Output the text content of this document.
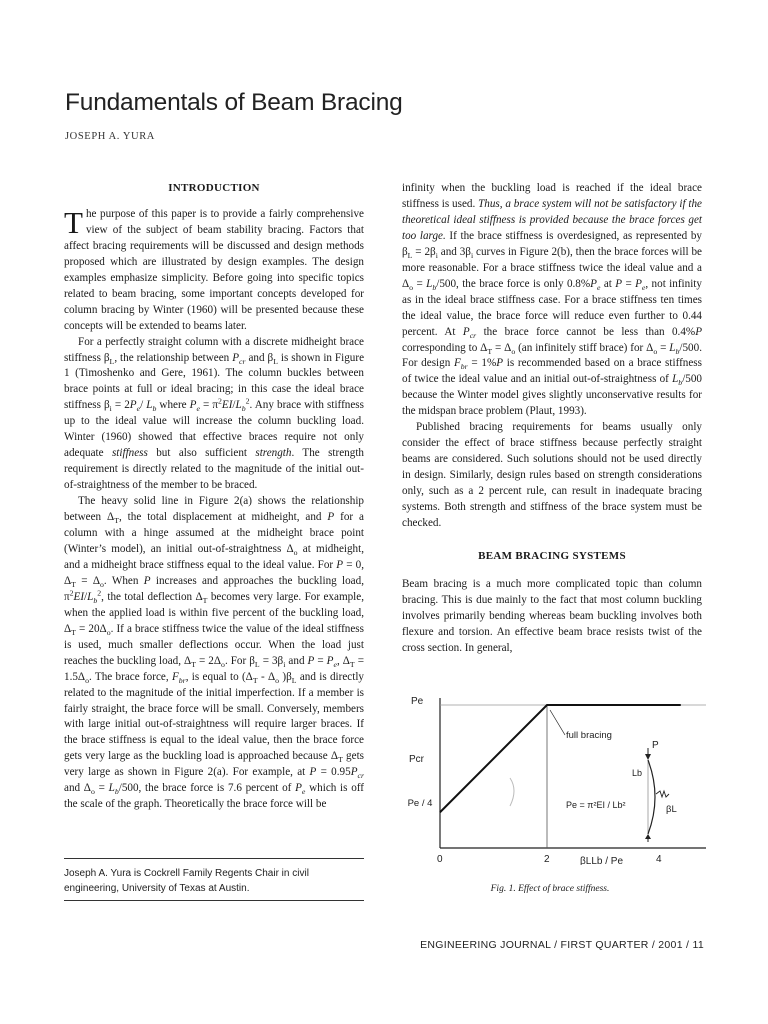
Fundamentals of Beam Bracing
JOSEPH A. YURA
INTRODUCTION

The purpose of this paper is to provide a fairly comprehensive view of the subject of beam stability bracing. Factors that affect bracing requirements will be discussed and design methods proposed which are illustrated by design examples. The design examples emphasize simplicity. Before going into specific topics related to beam bracing, some important concepts developed for column bracing by Winter (1960) will be presented because these concepts will be extended to beams later.

For a perfectly straight column with a discrete midheight brace stiffness $\beta_L$, the relationship between $P_{cr}$ and $\beta_L$ is shown in Figure 1 (Timoshenko and Gere, 1961). The column buckles between brace points at full or ideal bracing; in this case the ideal brace stiffness $\beta_i = 2P_e/$ $L_b$ where $P_e = \pi^2EI/L_b^2$. Any brace with stiffness up to the ideal value will increase the column buckling load. Winter (1960) showed that effective braces require not only adequate stiffness but also sufficient strength. The strength requirement is directly related to the magnitude of the initial out-of-straightness of the member to be braced.

The heavy solid line in Figure 2(a) shows the relationship between $\Delta_T$, the total displacement at midheight, and P for a column with a hinge assumed at the midheight brace point (Winter’s model), an initial out-of-straightness $\Delta_o$ at midheight, and a midheight brace stiffness equal to the ideal value. For P = 0, $\Delta_T = \Delta_o$. When P increases and approaches the buckling load, $\pi^2EI/L_b^2$, the total deflection $\Delta_T$ becomes very large. For example, when the applied load is within five percent of the buckling load, $\Delta_T = 20\Delta_o$. If a brace stiffness twice the value of the ideal stiffness is used, much smaller deflections occur. When the load just reaches the buckling load, $\Delta_T = 2\Delta_o$. For $\beta_L = 3\beta_i$ and $P = P_e$, $\Delta_T = 1.5\Delta_o$. The brace force, $F_{br}$, is equal to ($\Delta_T - \Delta_o$ )$\beta_L$ and is directly related to the magnitude of the initial imperfection. If a member is fairly straight, the brace force will be small. Conversely, members with large initial out-of-straightness will require larger braces. If the brace stiffness is equal to the ideal value, then the brace force gets very large as the buckling load is approached because $\Delta_T$ gets very large as shown in Figure 2(a). For example, at $P = 0.95P_{cr}$ and $\Delta_o = L_b/500$, the brace force is 7.6 percent of $P_e$ which is off the scale of the graph. Theoretically the brace force will be

infinity when the buckling load is reached if the ideal brace stiffness is used. Thus, a brace system will not be satisfactory if the theoretical ideal stiffness is provided because the brace forces get too large. If the brace stiffness is overdesigned, as represented by $\beta_L = 2\beta_i$ and $3\beta_i$ curves in Figure 2(b), then the brace forces will be more reasonable. For a brace stiffness twice the ideal value and a $\Delta_o = L_b/500$, the brace force is only $0.8\%P_e$ at $P = P_e$, not infinity as in the ideal brace stiffness case. For a brace stiffness ten times the ideal value, the brace force will reduce even further to 0.44 percent. At $P_{cr}$ the brace force cannot be less than 0.4%P corresponding to $\Delta_T = \Delta_o$ (an infinitely stiff brace) for $\Delta_o = L_b/500$. For design $F_{br} = 1\%P$ is recommended based on a brace stiffness of twice the ideal value and an initial out-of-straightness of $L_b/500$ because the Winter model gives slightly unconservative results for the midspan brace problem (Plaut, 1993).

Published bracing requirements for beams usually only consider the effect of brace stiffness because perfectly straight beams are considered. Such solutions should not be used directly in design. Similarly, design rules based on strength considerations only, such as a 2 percent rule, can result in inadequate bracing systems. Both strength and stiffness of the brace system must be checked.

BEAM BRACING SYSTEMS

Beam bracing is a much more complicated topic than column bracing. This is due mainly to the fact that most column buckling involves primarily bending whereas beam buckling involves both flexure and torsion. An effective beam brace resists twist of the cross section. In general,

Joseph A. Yura is Cockrell Family Regents Chair in civil engineering, University of Texas at Austin.
full bracing
Pe
Pcr
Pe / 4
0	2	4
βLLb / Pe
Pe = π²EI / Lb²
P
Lb
βL
Fig. 1. Effect of brace stiffness.
ENGINEERING JOURNAL / FIRST QUARTER / 2001 / 11
